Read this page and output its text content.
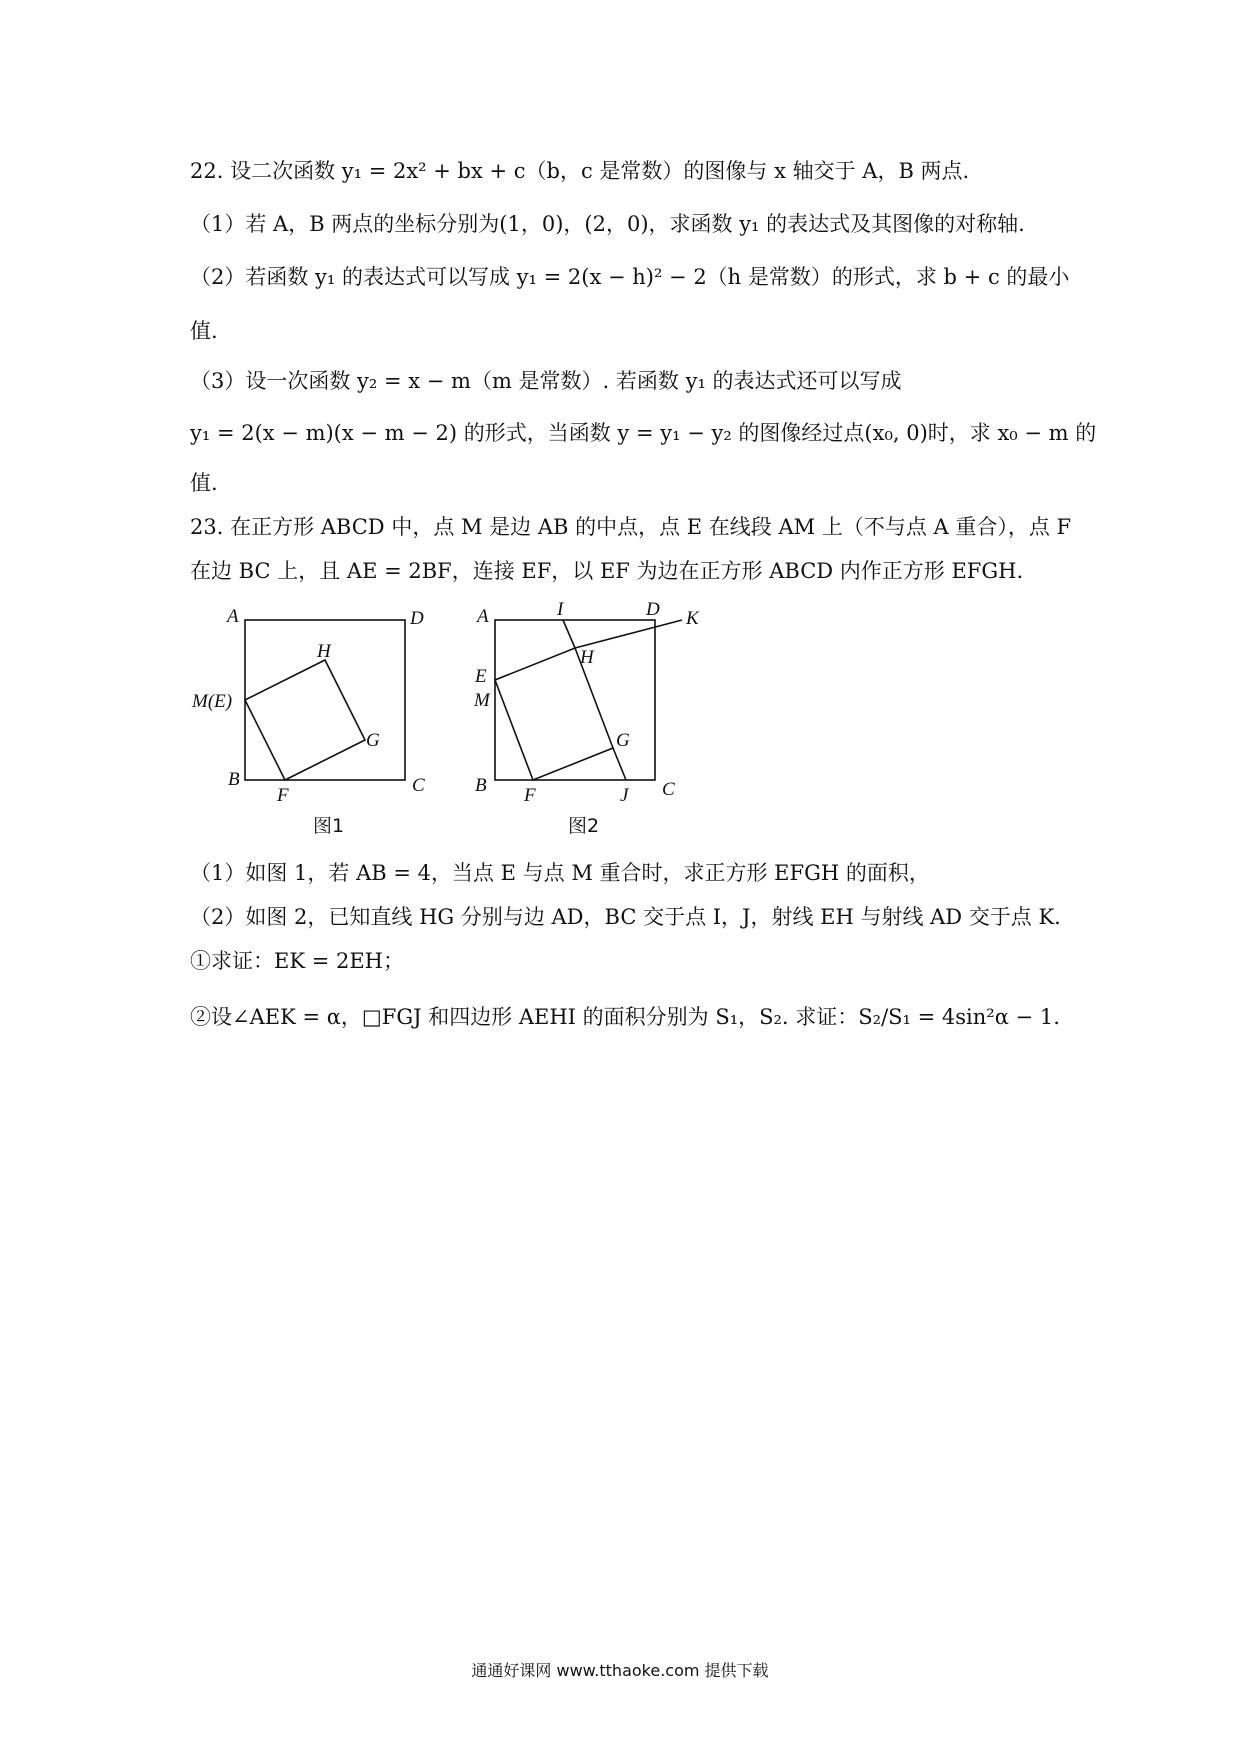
22. 设二次函数 y₁ = 2x² + bx + c（b，c 是常数）的图像与 x 轴交于 A，B 两点.
（1）若 A，B 两点的坐标分别为(1，0)，(2，0)，求函数 y₁ 的表达式及其图像的对称轴.
（2）若函数 y₁ 的表达式可以写成 y₁ = 2(x − h)² − 2（h 是常数）的形式，求 b + c 的最小
值.
（3）设一次函数 y₂ = x − m（m 是常数）. 若函数 y₁ 的表达式还可以写成
y₁ = 2(x − m)(x − m − 2) 的形式，当函数 y = y₁ − y₂ 的图像经过点(x₀, 0)时，求 x₀ − m 的
值.
23. 在正方形 ABCD 中，点 M 是边 AB 的中点，点 E 在线段 AM 上（不与点 A 重合），点 F
在边 BC 上，且 AE = 2BF，连接 EF，以 EF 为边在正方形 ABCD 内作正方形 EFGH.
A	D
H
M(E)
G
B
F	C
图1
A	I	D K
H
E
M
G
B F	J C
图2
（1）如图 1，若 AB = 4，当点 E 与点 M 重合时，求正方形 EFGH 的面积，
（2）如图 2，已知直线 HG 分别与边 AD，BC 交于点 I，J，射线 EH 与射线 AD 交于点 K.
①求证：EK = 2EH；
②设∠AEK = α，□FGJ 和四边形 AEHI 的面积分别为 S₁，S₂. 求证：S₂/S₁ = 4sin²α − 1.
通通好课网 www.tthaoke.com 提供下载
